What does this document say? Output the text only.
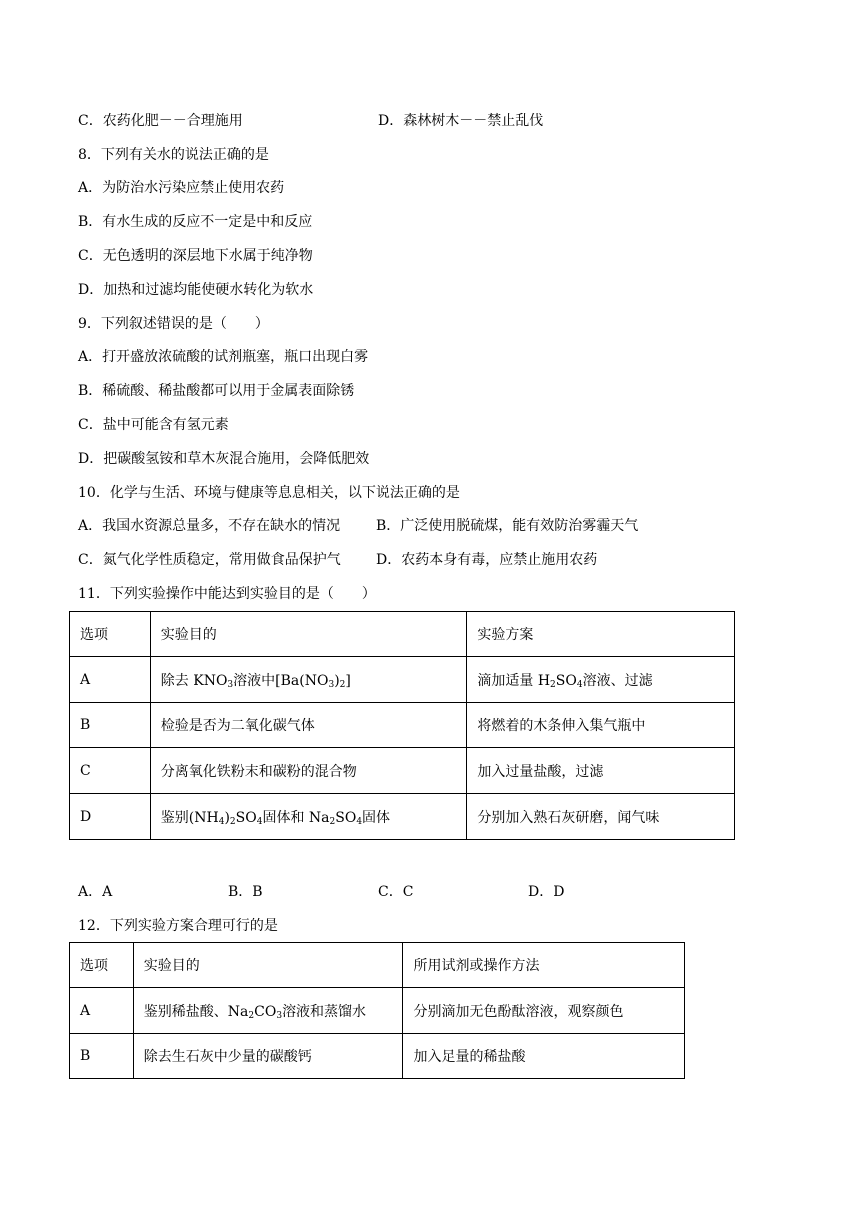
C．农药化肥－－合理施用	D．森林树木－－禁止乱伐
8．下列有关水的说法正确的是
A．为防治水污染应禁止使用农药
B．有水生成的反应不一定是中和反应
C．无色透明的深层地下水属于纯净物
D．加热和过滤均能使硬水转化为软水
9．下列叙述错误的是（　　）
A．打开盛放浓硫酸的试剂瓶塞，瓶口出现白雾
B．稀硫酸、稀盐酸都可以用于金属表面除锈
C．盐中可能含有氢元素
D．把碳酸氢铵和草木灰混合施用，会降低肥效
10．化学与生活、环境与健康等息息相关，以下说法正确的是
A．我国水资源总量多，不存在缺水的情况	B．广泛使用脱硫煤，能有效防治雾霾天气
C．氮气化学性质稳定，常用做食品保护气	D．农药本身有毒，应禁止施用农药
11．下列实验操作中能达到实验目的是（　　）
选项	实验目的	实验方案
A	除去 $KNO_3$溶液中$[Ba(NO_3)_2]$	滴加适量 $H_2SO_4$溶液、过滤
B	检验是否为二氧化碳气体	将燃着的木条伸入集气瓶中
C	分离氧化铁粉末和碳粉的混合物	加入过量盐酸，过滤
D	鉴别$(NH_4)_2SO_4$固体和 $Na_2SO_4$固体	分别加入熟石灰研磨，闻气味
A．A	B．B	C．C	D．D
12．下列实验方案合理可行的是
选项	实验目的	所用试剂或操作方法
A	鉴别稀盐酸、$Na_2CO_3$溶液和蒸馏水	分别滴加无色酚酞溶液，观察颜色
B	除去生石灰中少量的碳酸钙	加入足量的稀盐酸
